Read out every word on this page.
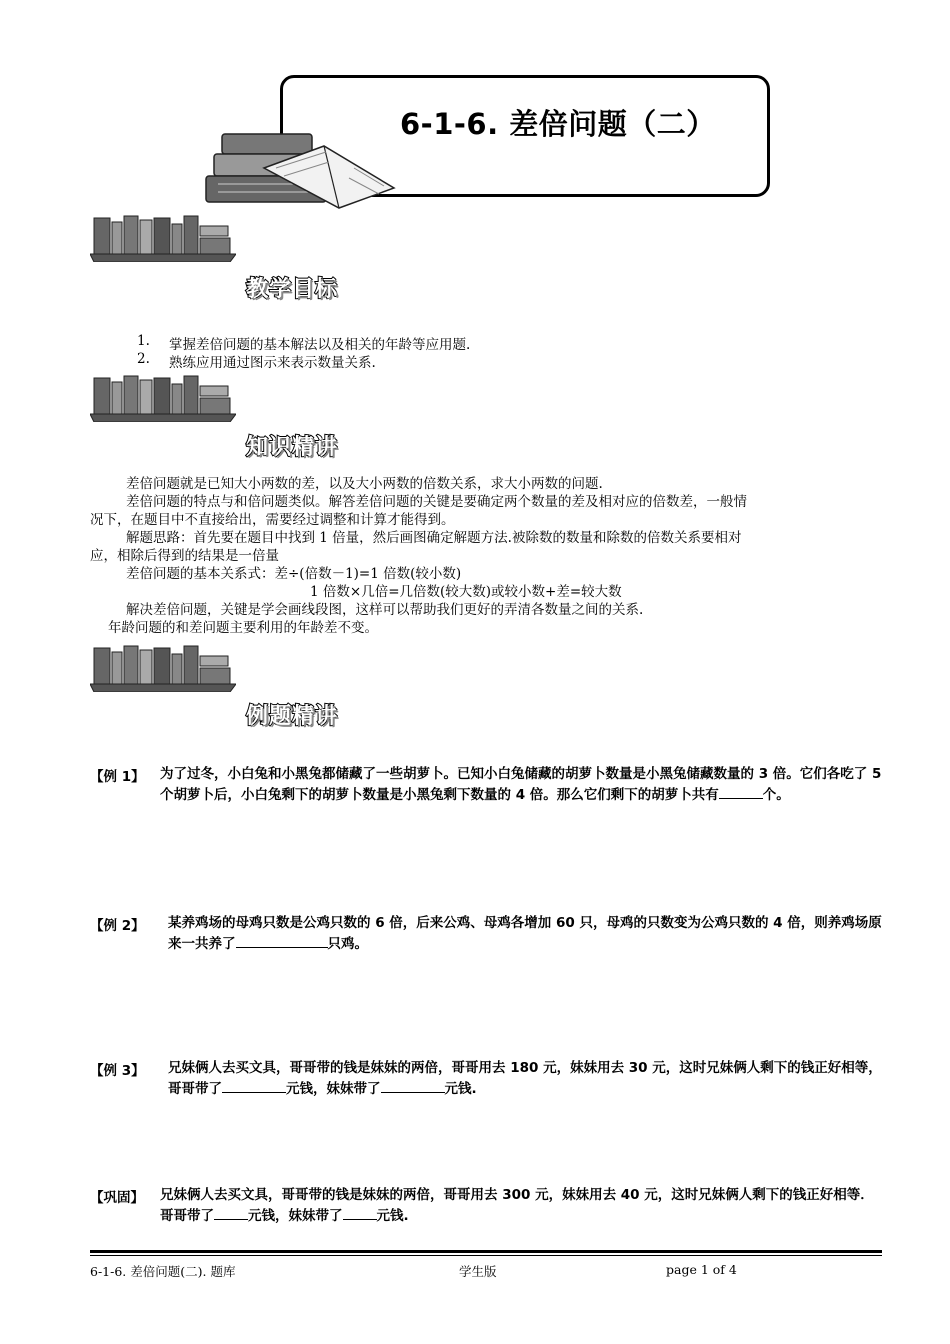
6-1-6. 差倍问题（二）
教学目标
1. 掌握差倍问题的基本解法以及相关的年龄等应用题.
2. 熟练应用通过图示来表示数量关系.
知识精讲
差倍问题就是已知大小两数的差，以及大小两数的倍数关系，求大小两数的问题.
差倍问题的特点与和倍问题类似。解答差倍问题的关键是要确定两个数量的差及相对应的倍数差，一般情
况下，在题目中不直接给出，需要经过调整和计算才能得到。
解题思路：首先要在题目中找到 1 倍量，然后画图确定解题方法.被除数的数量和除数的倍数关系要相对
应，相除后得到的结果是一倍量
差倍问题的基本关系式：差÷(倍数－1)=1 倍数(较小数)
1 倍数×几倍=几倍数(较大数)或较小数+差=较大数
解决差倍问题，关键是学会画线段图，这样可以帮助我们更好的弄清各数量之间的关系.
年龄问题的和差问题主要利用的年龄差不变。
例题精讲
【例 1】 为了过冬，小白兔和小黑兔都储藏了一些胡萝卜。已知小白兔储藏的胡萝卜数量是小黑兔储藏数量的 3 倍。它们各吃了 5 个胡萝卜后，小白兔剩下的胡萝卜数量是小黑兔剩下数量的 4 倍。那么它们剩下的胡萝卜共有	个。
【例 2】 某养鸡场的母鸡只数是公鸡只数的 6 倍，后来公鸡、母鸡各增加 60 只，母鸡的只数变为公鸡只数的 4 倍，则养鸡场原来一共养了	只鸡。
【例 3】 兄妹俩人去买文具，哥哥带的钱是妹妹的两倍，哥哥用去 180 元，妹妹用去 30 元，这时兄妹俩人剩下的钱正好相等，哥哥带了	元钱，妹妹带了	元钱.
【巩固】 兄妹俩人去买文具，哥哥带的钱是妹妹的两倍，哥哥用去 300 元，妹妹用去 40 元，这时兄妹俩人剩下的钱正好相等．哥哥带了	元钱，妹妹带了	元钱.
6-1-6. 差倍问题(二). 题库	学生版	page 1 of 4
